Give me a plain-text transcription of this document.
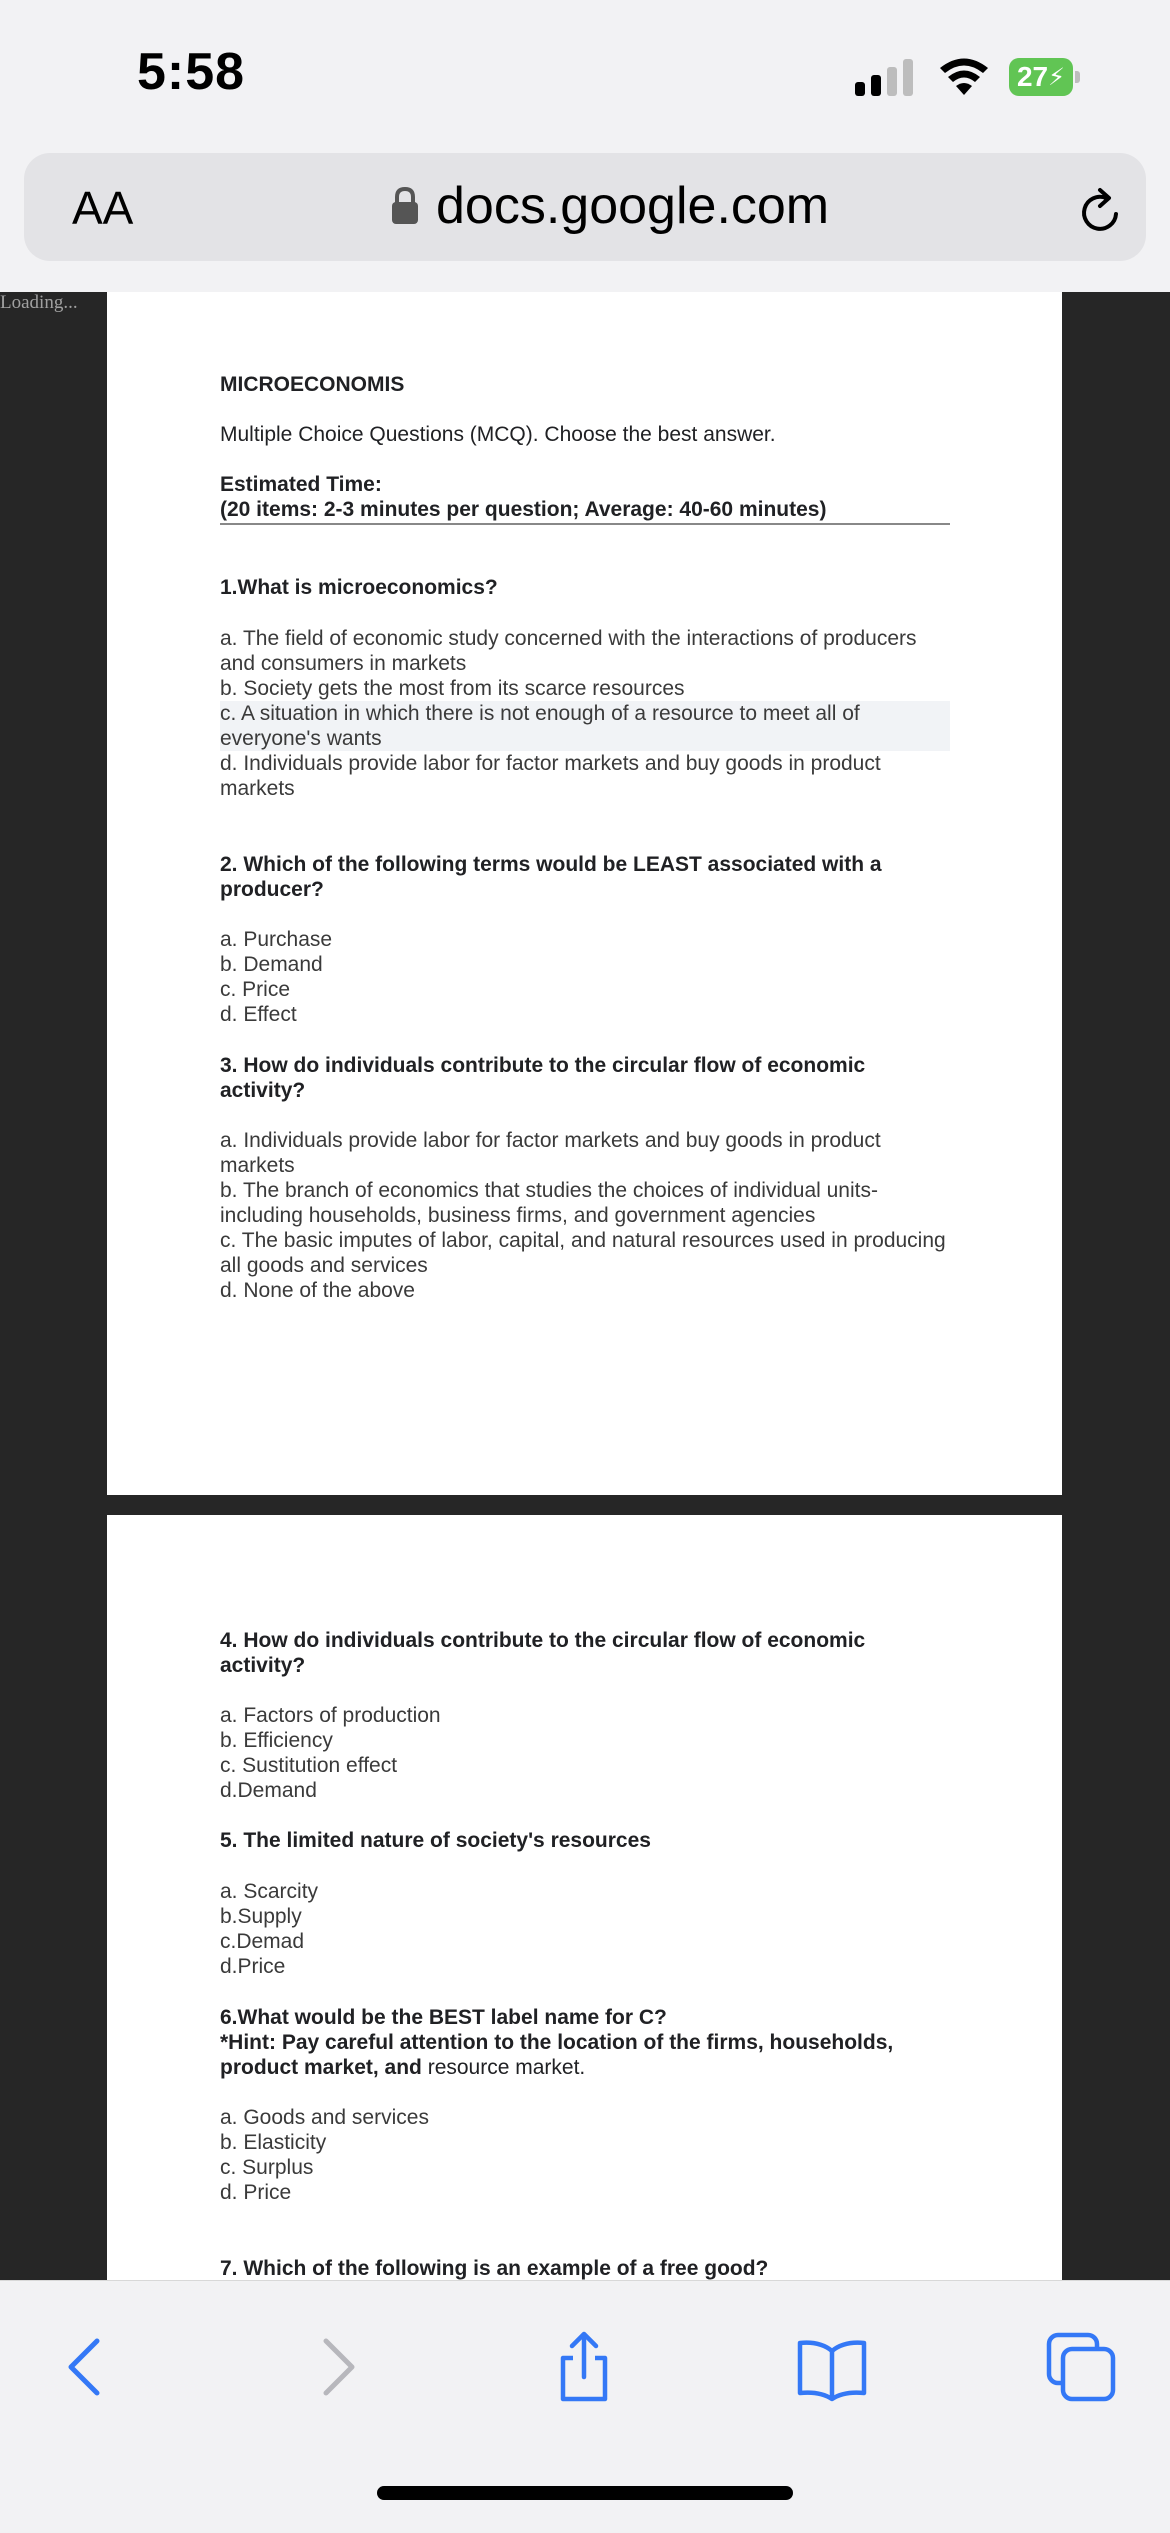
5:58	27 ⚡
AA	docs.google.com
Loading...

MICROECONOMIS

Multiple Choice Questions (MCQ). Choose the best answer.

Estimated Time:

(20 items: 2-3 minutes per question; Average: 40-60 minutes)

1.What is microeconomics?

a. The field of economic study concerned with the interactions of producers and consumers in markets

b. Society gets the most from its scarce resources

c. A situation in which there is not enough of a resource to meet all of everyone's wants

d. Individuals provide labor for factor markets and buy goods in product markets

2. Which of the following terms would be LEAST associated with a producer?

a. Purchase

b. Demand

c. Price

d. Effect

3. How do individuals contribute to the circular flow of economic activity?

a. Individuals provide labor for factor markets and buy goods in product markets

b. The branch of economics that studies the choices of individual units- including households, business firms, and government agencies

c. The basic imputes of labor, capital, and natural resources used in producing all goods and services

d. None of the above

4. How do individuals contribute to the circular flow of economic activity?

a. Factors of production

b. Efficiency

c. Sustitution effect

d.Demand

5. The limited nature of society's resources

a. Scarcity

b.Supply

c.Demad

d.Price

6.What would be the BEST label name for C?

*Hint: Pay careful attention to the location of the firms, households, product market, and resource market.

a. Goods and services

b. Elasticity

c. Surplus

d. Price

7. Which of the following is an example of a free good?
